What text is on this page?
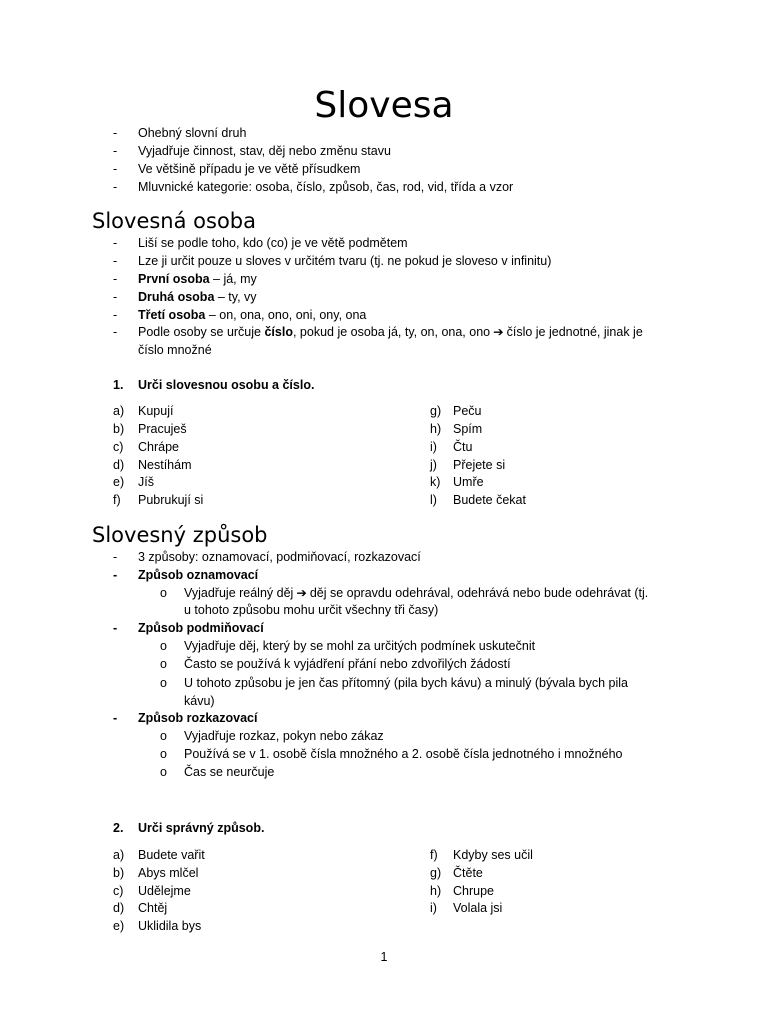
Slovesa
- Ohebný slovní druh
- Vyjadřuje činnost, stav, děj nebo změnu stavu
- Ve většině případu je ve větě přísudkem
- Mluvnické kategorie: osoba, číslo, způsob, čas, rod, vid, třída a vzor
Slovesná osoba
- Liší se podle toho, kdo (co) je ve větě podmětem
- Lze ji určit pouze u sloves v určitém tvaru (tj. ne pokud je sloveso v infinitu)
- První osoba – já, my
- Druhá osoba – ty, vy
- Třetí osoba – on, ona, ono, oni, ony, ona
- Podle osoby se určuje číslo, pokud je osoba já, ty, on, ona, ono ➔ číslo je jednotné, jinak je
číslo množné
1. Urči slovesnou osobu a číslo.
a) Kupují
b) Pracuješ
c) Chrápe
d) Nestíhám
e) Jíš
f) Pubrukují si
g) Peču
h) Spím
i) Čtu
j) Přejete si
k) Umře
l) Budete čekat
Slovesný způsob
- 3 způsoby: oznamovací, podmiňovací, rozkazovací
- Způsob oznamovací
o Vyjadřuje reálný děj ➔ děj se opravdu odehrával, odehrává nebo bude odehrávat (tj.
u tohoto způsobu mohu určit všechny tři časy)
- Způsob podmiňovací
o Vyjadřuje děj, který by se mohl za určitých podmínek uskutečnit
o Často se používá k vyjádření přání nebo zdvořilých žádostí
o U tohoto způsobu je jen čas přítomný (pila bych kávu) a minulý (bývala bych pila
kávu)
- Způsob rozkazovací
o Vyjadřuje rozkaz, pokyn nebo zákaz
o Používá se v 1. osobě čísla množného a 2. osobě čísla jednotného i množného
o Čas se neurčuje
2. Urči správný způsob.
a) Budete vařit
b) Abys mlčel
c) Udělejme
d) Chtěj
e) Uklidila bys
f) Kdyby ses učil
g) Čtěte
h) Chrupe
i) Volala jsi
1
